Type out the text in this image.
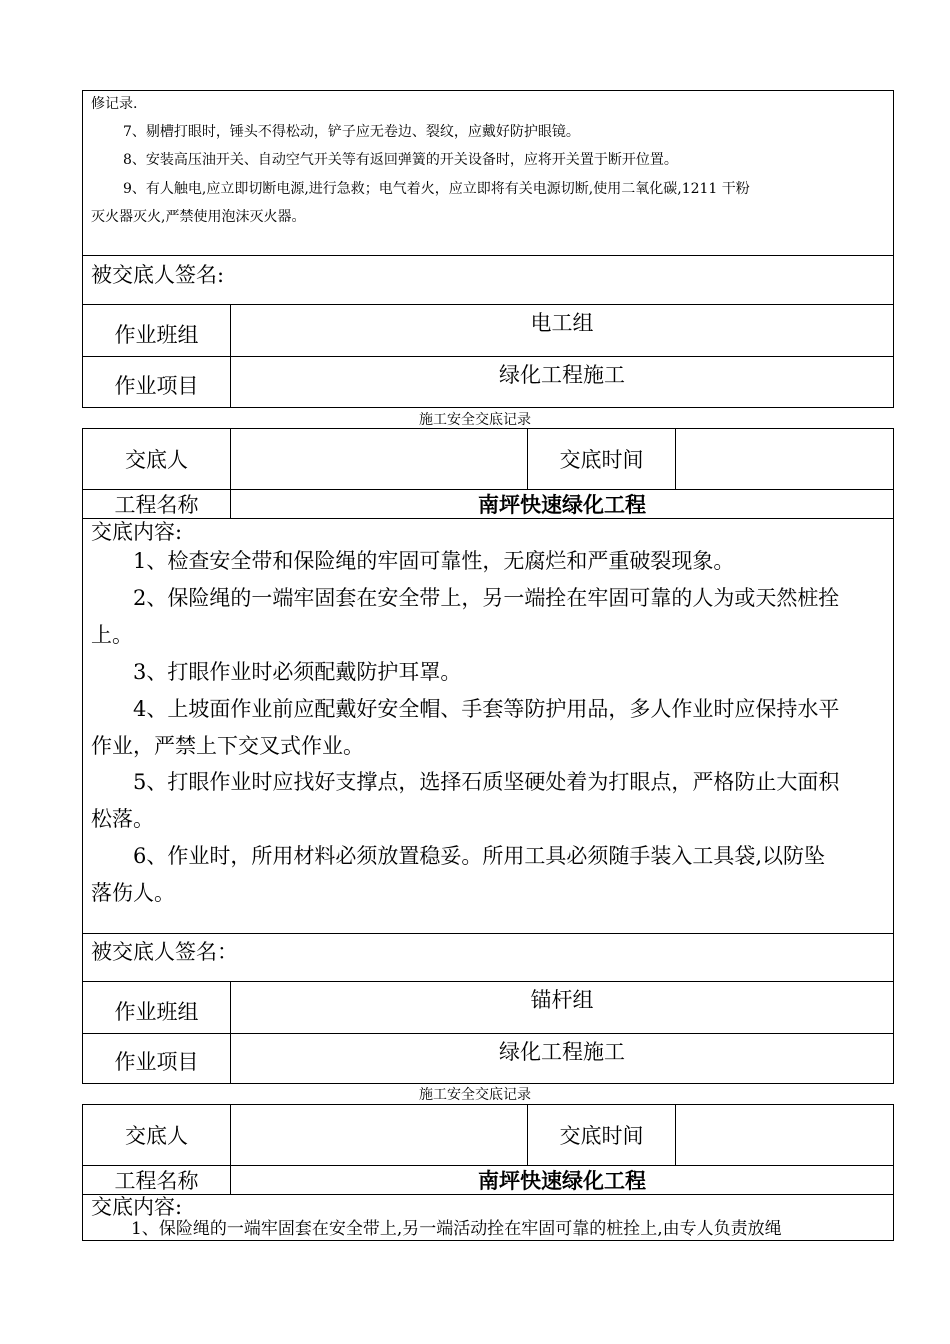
修记录.
7、剔槽打眼时，锤头不得松动，铲子应无卷边、裂纹，应戴好防护眼镜。
8、安装高压油开关、自动空气开关等有返回弹簧的开关设备时，应将开关置于断开位置。
9、有人触电,应立即切断电源,进行急救；电气着火，应立即将有关电源切断,使用二氧化碳,1211 干粉
灭火器灭火,严禁使用泡沫灭火器。
被交底人签名:
作业班组	电工组
作业项目	绿化工程施工
施工安全交底记录
交底人	交底时间
工程名称	南坪快速绿化工程
交底内容:
1、检查安全带和保险绳的牢固可靠性，无腐烂和严重破裂现象。
2、保险绳的一端牢固套在安全带上，另一端拴在牢固可靠的人为或天然桩拴
上。
3、打眼作业时必须配戴防护耳罩。
4、上坡面作业前应配戴好安全帽、手套等防护用品，多人作业时应保持水平
作业，严禁上下交叉式作业。
5、打眼作业时应找好支撑点，选择石质坚硬处着为打眼点，严格防止大面积
松落。
6、作业时，所用材料必须放置稳妥。所用工具必须随手装入工具袋,以防坠
落伤人。
被交底人签名：
作业班组	锚杆组
作业项目	绿化工程施工
施工安全交底记录
交底人	交底时间
工程名称	南坪快速绿化工程
交底内容:
1、保险绳的一端牢固套在安全带上,另一端活动拴在牢固可靠的桩拴上,由专人负责放绳
